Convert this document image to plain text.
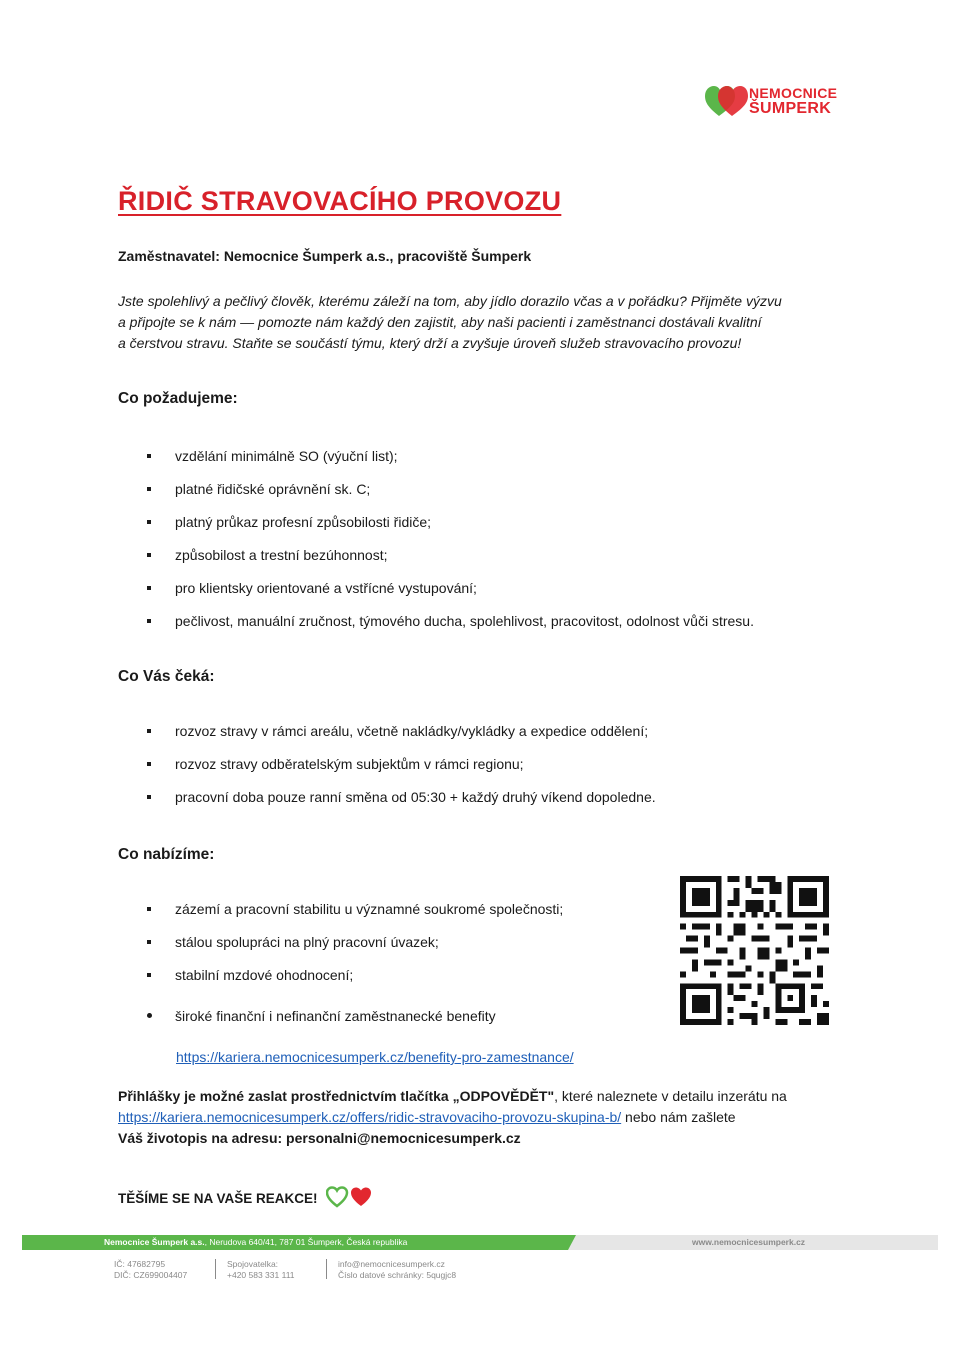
NEMOCNICE
ŠUMPERK
ŘIDIČ STRAVOVACÍHO PROVOZU
Zaměstnavatel: Nemocnice Šumperk a.s., pracoviště Šumperk
Jste spolehlivý a pečlivý člověk, kterému záleží na tom, aby jídlo dorazilo včas a v pořádku? Přijměte výzvu
a připojte se k nám — pomozte nám každý den zajistit, aby naši pacienti i zaměstnanci dostávali kvalitní
a čerstvou stravu. Staňte se součástí týmu, který drží a zvyšuje úroveň služeb stravovacího provozu!
Co požadujeme:
vzdělání minimálně SO (výuční list);
platné řidičské oprávnění sk. C;
platný průkaz profesní způsobilosti řidiče;
způsobilost a trestní bezúhonnost;
pro klientsky orientované a vstřícné vystupování;
pečlivost, manuální zručnost, týmového ducha, spolehlivost, pracovitost, odolnost vůči stresu.
Co Vás čeká:
rozvoz stravy v rámci areálu, včetně nakládky/vykládky a expedice oddělení;
rozvoz stravy odběratelským subjektům v rámci regionu;
pracovní doba pouze ranní směna od 05:30 + každý druhý víkend dopoledne.
Co nabízíme:
zázemí a pracovní stabilitu u významné soukromé společnosti;
stálou spolupráci na plný pracovní úvazek;
stabilní mzdové ohodnocení;
široké finanční i nefinanční zaměstnanecké benefity
https://kariera.nemocnicesumperk.cz/benefity-pro-zamestnance/
Přihlášky je možné zaslat prostřednictvím tlačítka „ODPOVĚDĚT", které naleznete v detailu inzerátu na
https://kariera.nemocnicesumperk.cz/offers/ridic-stravovaciho-provozu-skupina-b/ nebo nám zašlete
Váš životopis na adresu: personalni@nemocnicesumperk.cz
TĚŠÍME SE NA VAŠE REAKCE!
Nemocnice Šumperk a.s., Nerudova 640/41, 787 01 Šumperk, Česká republika	www.nemocnicesumperk.cz
IČ: 47682795
DIČ: CZ699004407
Spojovatelka:
+420 583 331 111
info@nemocnicesumperk.cz
Číslo datové schránky: 5qugjc8
